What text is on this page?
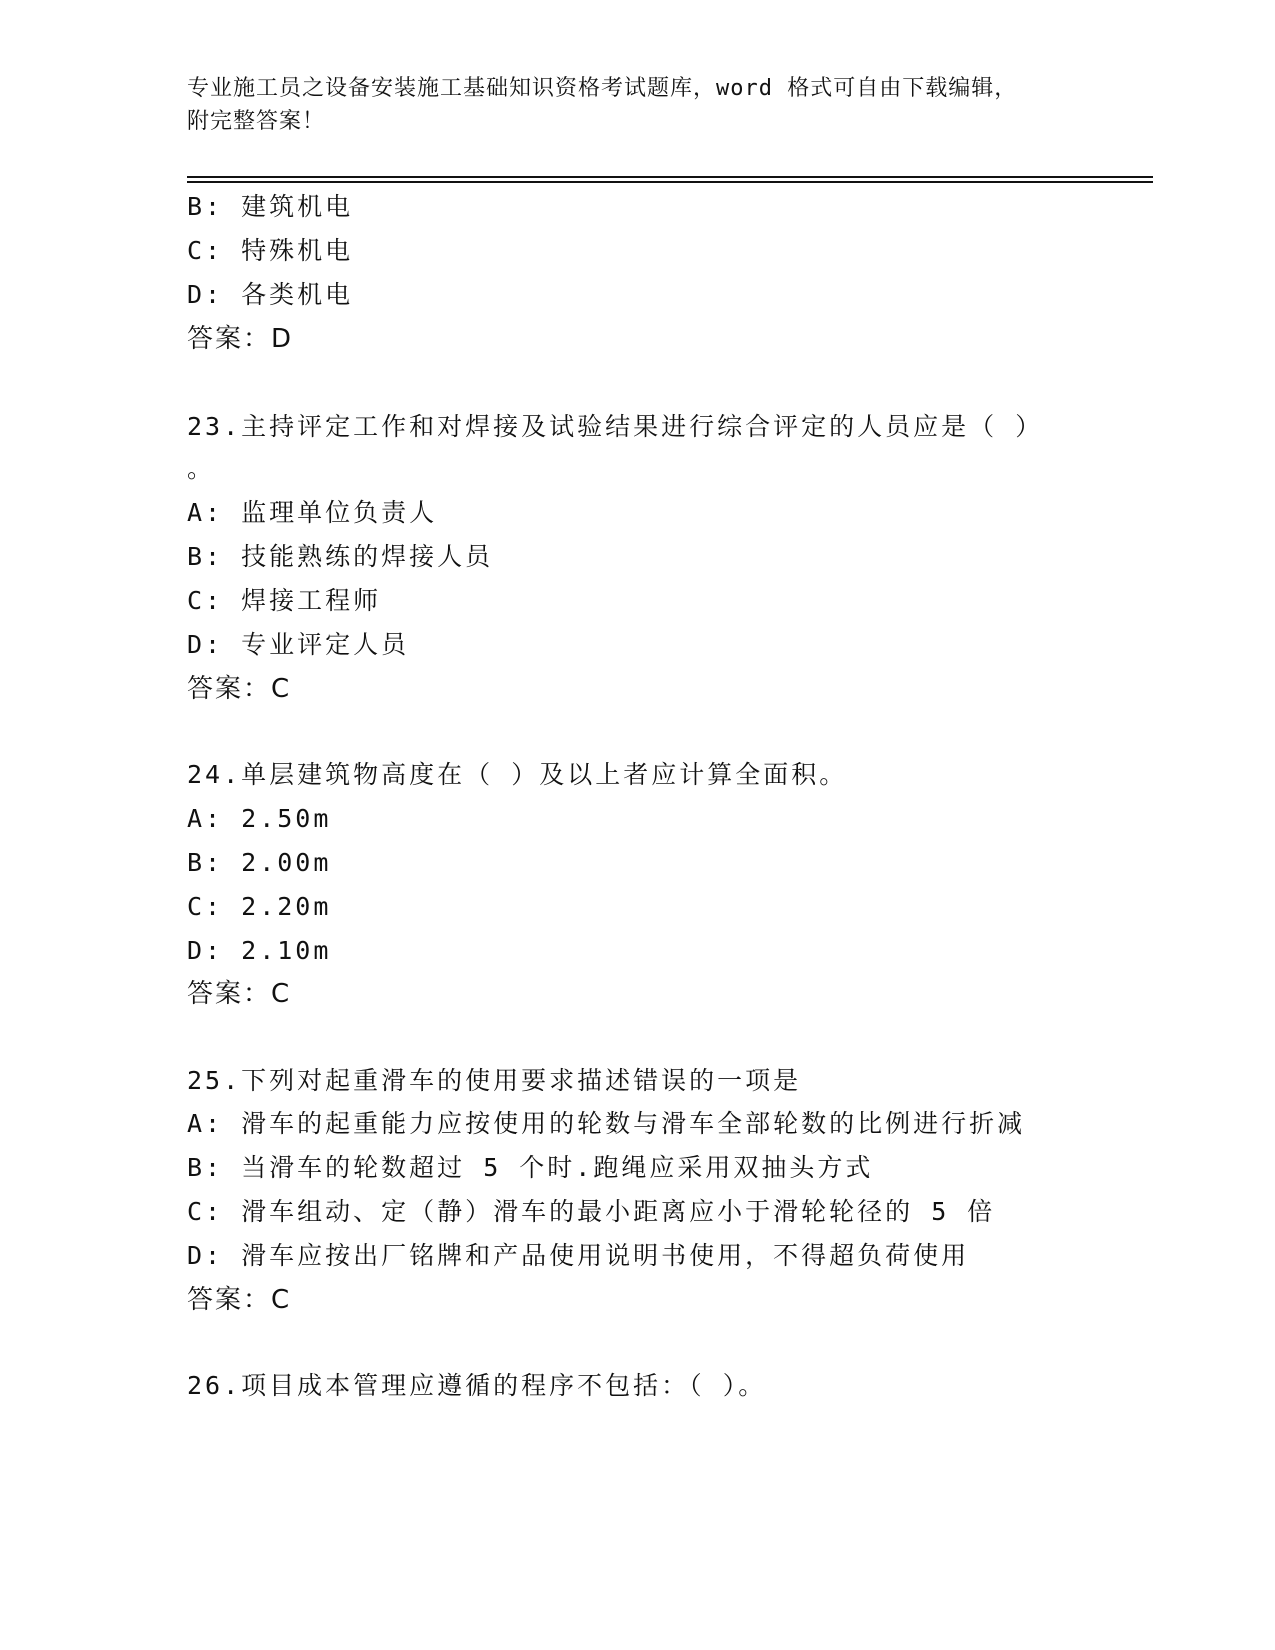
专业施工员之设备安装施工基础知识资格考试题库，word 格式可自由下载编辑，
附完整答案！
B: 建筑机电
C: 特殊机电
D: 各类机电
答案：D
23.主持评定工作和对焊接及试验结果进行综合评定的人员应是（ ）
。
A: 监理单位负责人
B: 技能熟练的焊接人员
C: 焊接工程师
D: 专业评定人员
答案：C
24.单层建筑物高度在（ ）及以上者应计算全面积。
A: 2.50m
B: 2.00m
C: 2.20m
D: 2.10m
答案：C
25.下列对起重滑车的使用要求描述错误的一项是
A: 滑车的起重能力应按使用的轮数与滑车全部轮数的比例进行折减
B: 当滑车的轮数超过 5 个时.跑绳应采用双抽头方式
C: 滑车组动、定（静）滑车的最小距离应小于滑轮轮径的 5 倍
D: 滑车应按出厂铭牌和产品使用说明书使用，不得超负荷使用
答案：C
26.项目成本管理应遵循的程序不包括：（ ）。
